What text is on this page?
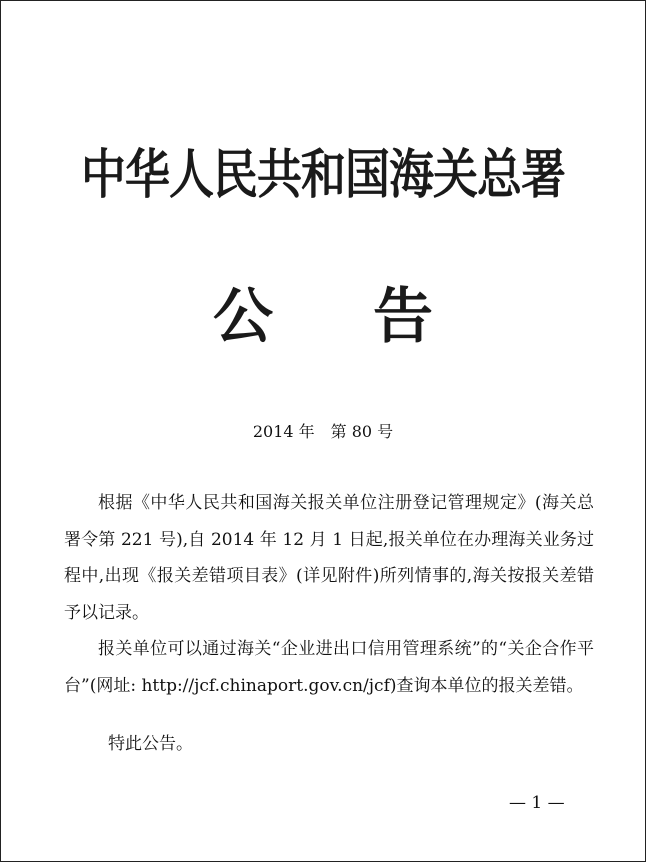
中华人民共和国海关总署
公 告
2014 年　第 80 号

根据《中华人民共和国海关报关单位注册登记管理规定》(海关总署令第 221 号),自 2014 年 12 月 1 日起,报关单位在办理海关业务过程中,出现《报关差错项目表》(详见附件)所列情事的,海关按报关差错予以记录。

报关单位可以通过海关“企业进出口信用管理系统”的“关企合作平台”(网址: http://jcf.chinaport.gov.cn/jcf)查询本单位的报关差错。

特此公告。
— 1 —
